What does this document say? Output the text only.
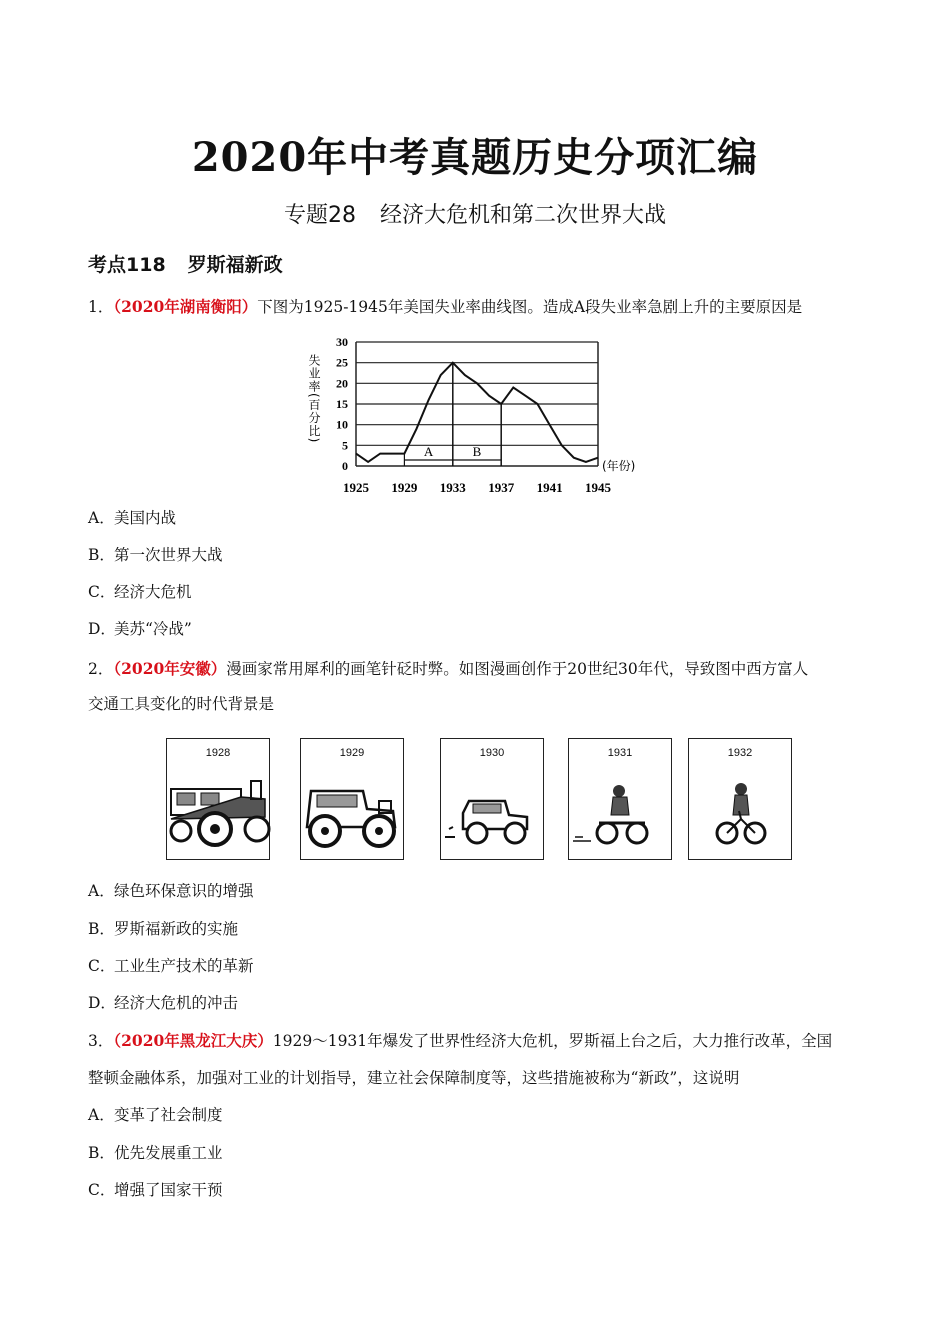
2020年中考真题历史分项汇编
专题28 经济大危机和第二次世界大战
考点118 罗斯福新政
1．（2020年湖南衡阳）下图为1925-1945年美国失业率曲线图。造成A段失业率急剧上升的主要原因是
0
5
10
15
20
25
30
1925 1929 1933 1937 1941 1945
(年份)
失业率(百分比)
A	B
A．美国内战
B．第一次世界大战
C．经济大危机
D．美苏“冷战”
2．（2020年安徽）漫画家常用犀利的画笔针砭时弊。如图漫画创作于20世纪30年代，导致图中西方富人
交通工具变化的时代背景是
1928	1929	1930	1931	1932
A．绿色环保意识的增强
B．罗斯福新政的实施
C．工业生产技术的革新
D．经济大危机的冲击
3．（2020年黑龙江大庆）1929～1931年爆发了世界性经济大危机，罗斯福上台之后，大力推行改革，全国
整顿金融体系，加强对工业的计划指导，建立社会保障制度等，这些措施被称为“新政”，这说明
A．变革了社会制度
B．优先发展重工业
C．增强了国家干预
